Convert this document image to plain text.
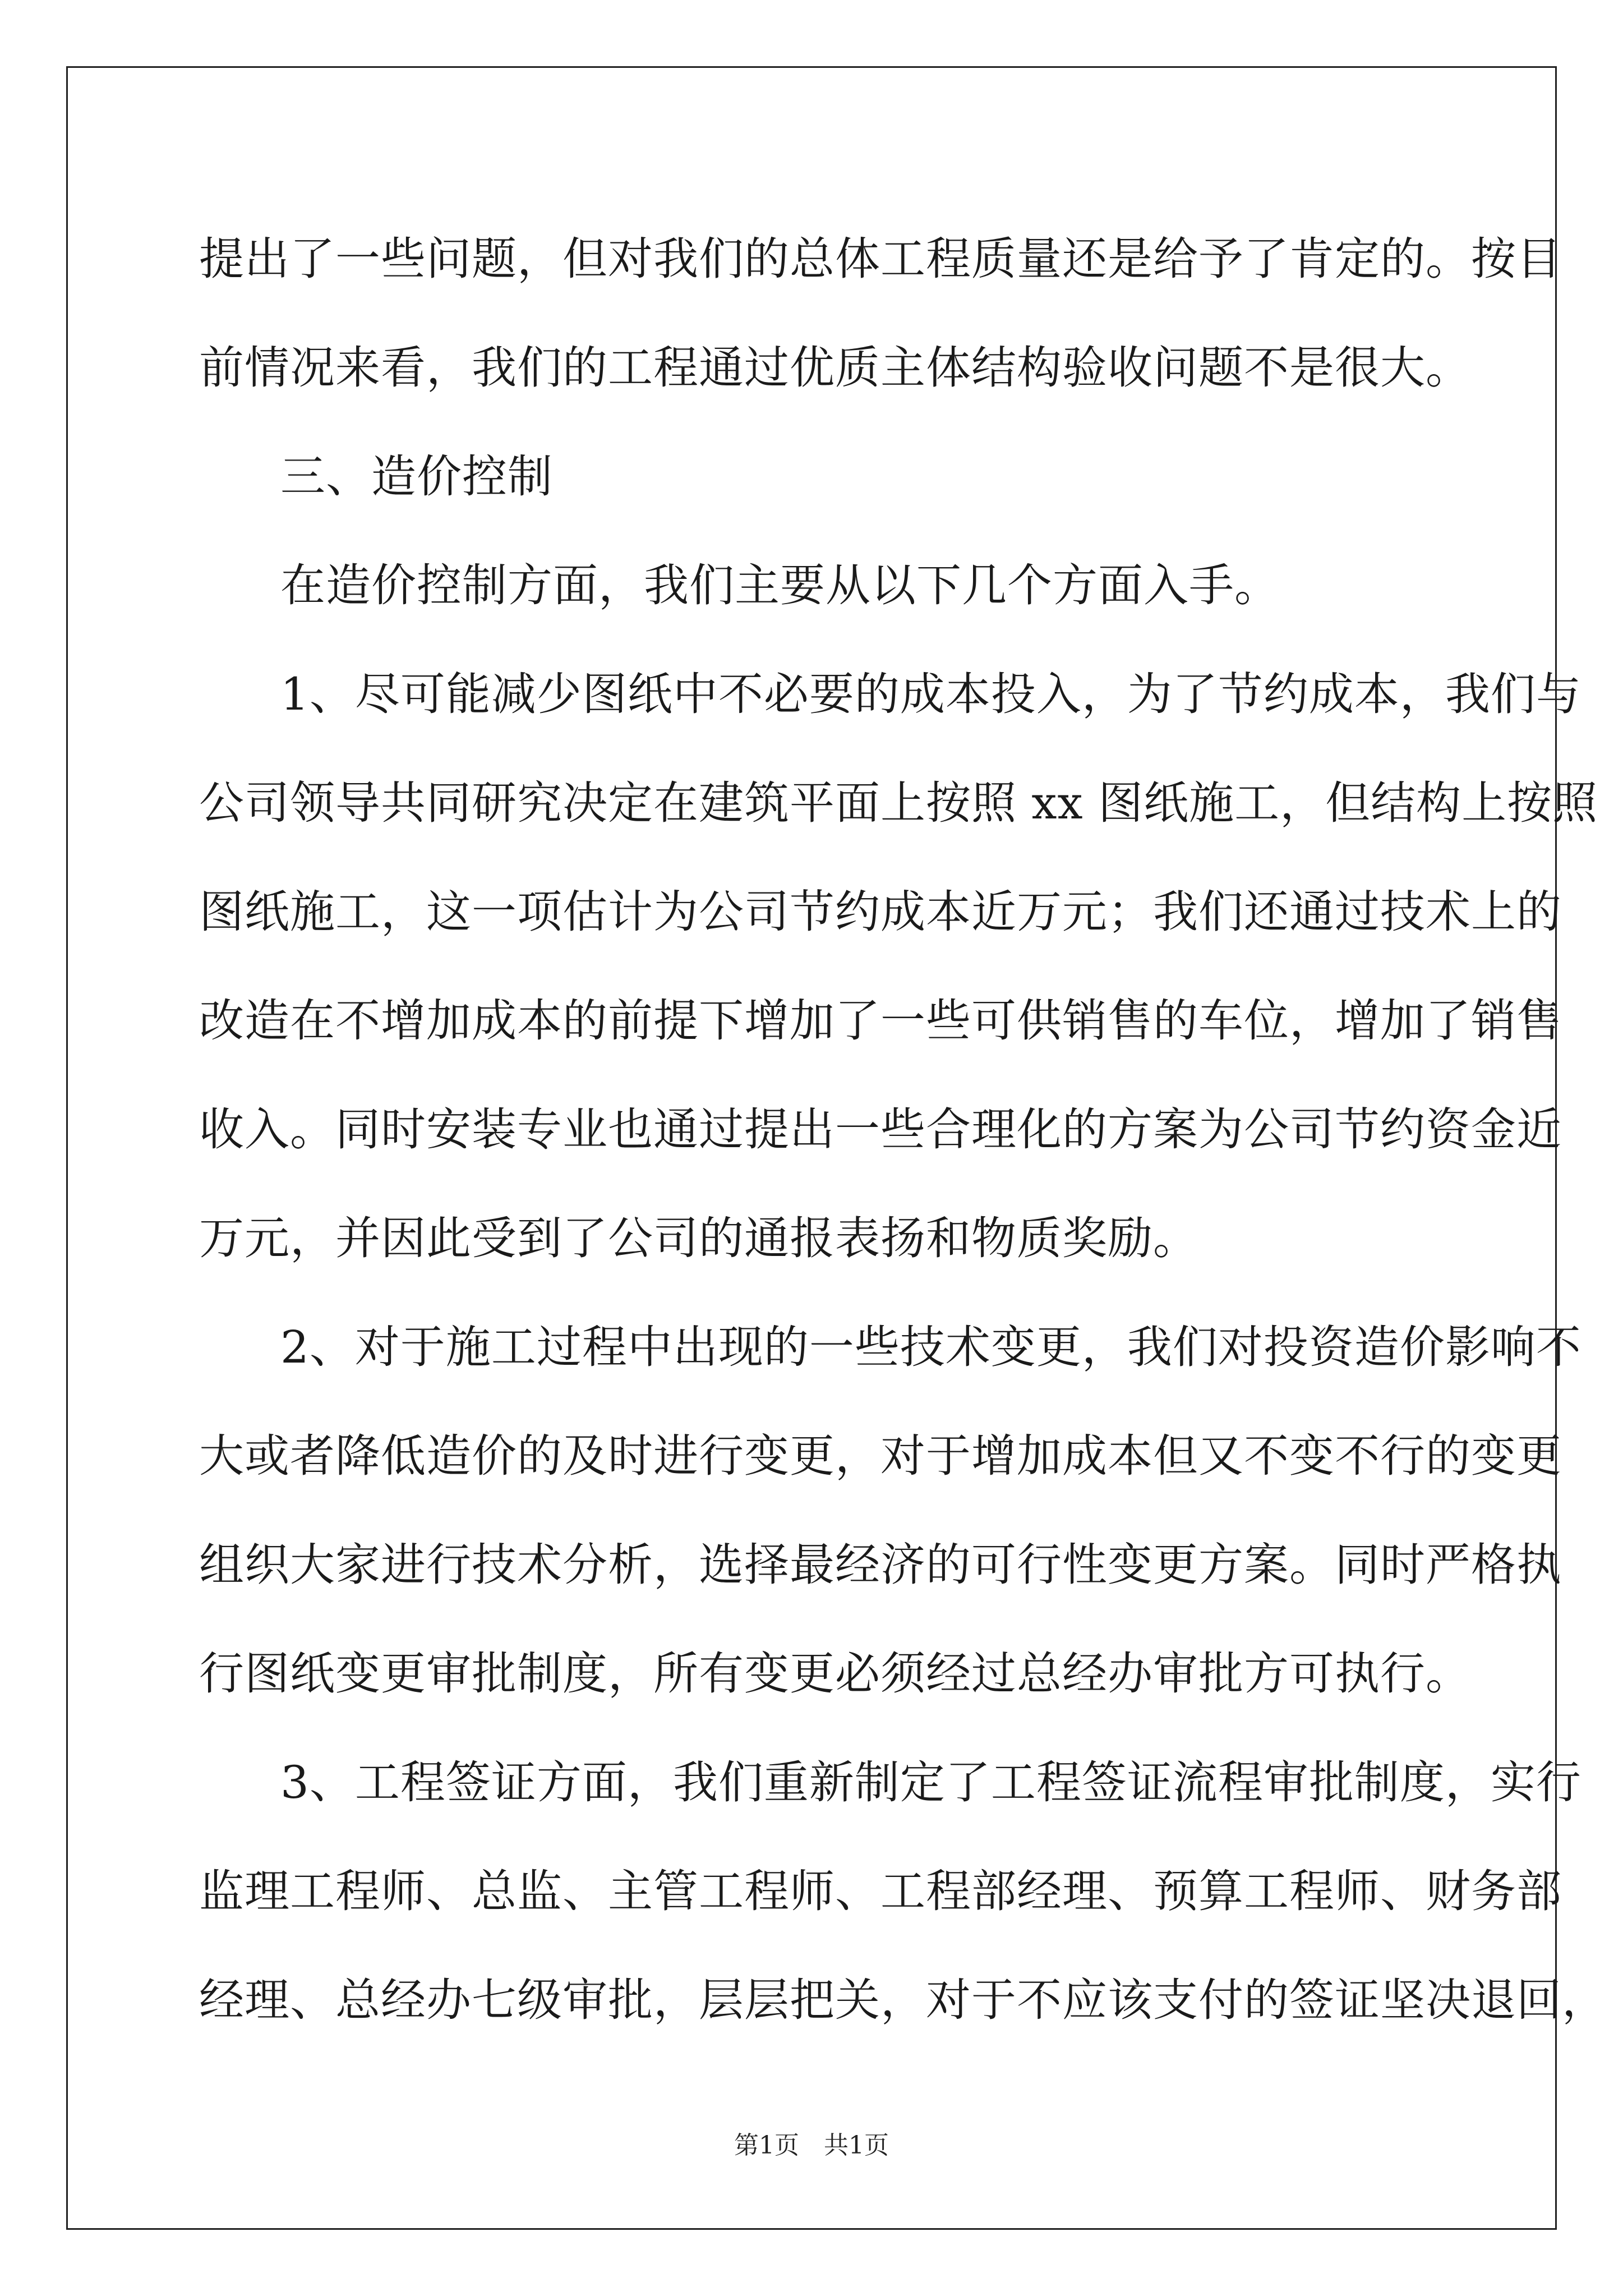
提出了一些问题，但对我们的总体工程质量还是给予了肯定的。按目
前情况来看，我们的工程通过优质主体结构验收问题不是很大。
三、造价控制
在造价控制方面，我们主要从以下几个方面入手。
1、尽可能减少图纸中不必要的成本投入，为了节约成本，我们与
公司领导共同研究决定在建筑平面上按照 xx 图纸施工，但结构上按照
图纸施工，这一项估计为公司节约成本近万元；我们还通过技术上的
改造在不增加成本的前提下增加了一些可供销售的车位，增加了销售
收入。同时安装专业也通过提出一些合理化的方案为公司节约资金近
万元，并因此受到了公司的通报表扬和物质奖励。
2、对于施工过程中出现的一些技术变更，我们对投资造价影响不
大或者降低造价的及时进行变更，对于增加成本但又不变不行的变更
组织大家进行技术分析，选择最经济的可行性变更方案。同时严格执
行图纸变更审批制度，所有变更必须经过总经办审批方可执行。
3、工程签证方面，我们重新制定了工程签证流程审批制度，实行
监理工程师、总监、主管工程师、工程部经理、预算工程师、财务部
经理、总经办七级审批，层层把关，对于不应该支付的签证坚决退回，
第1页 共1页
